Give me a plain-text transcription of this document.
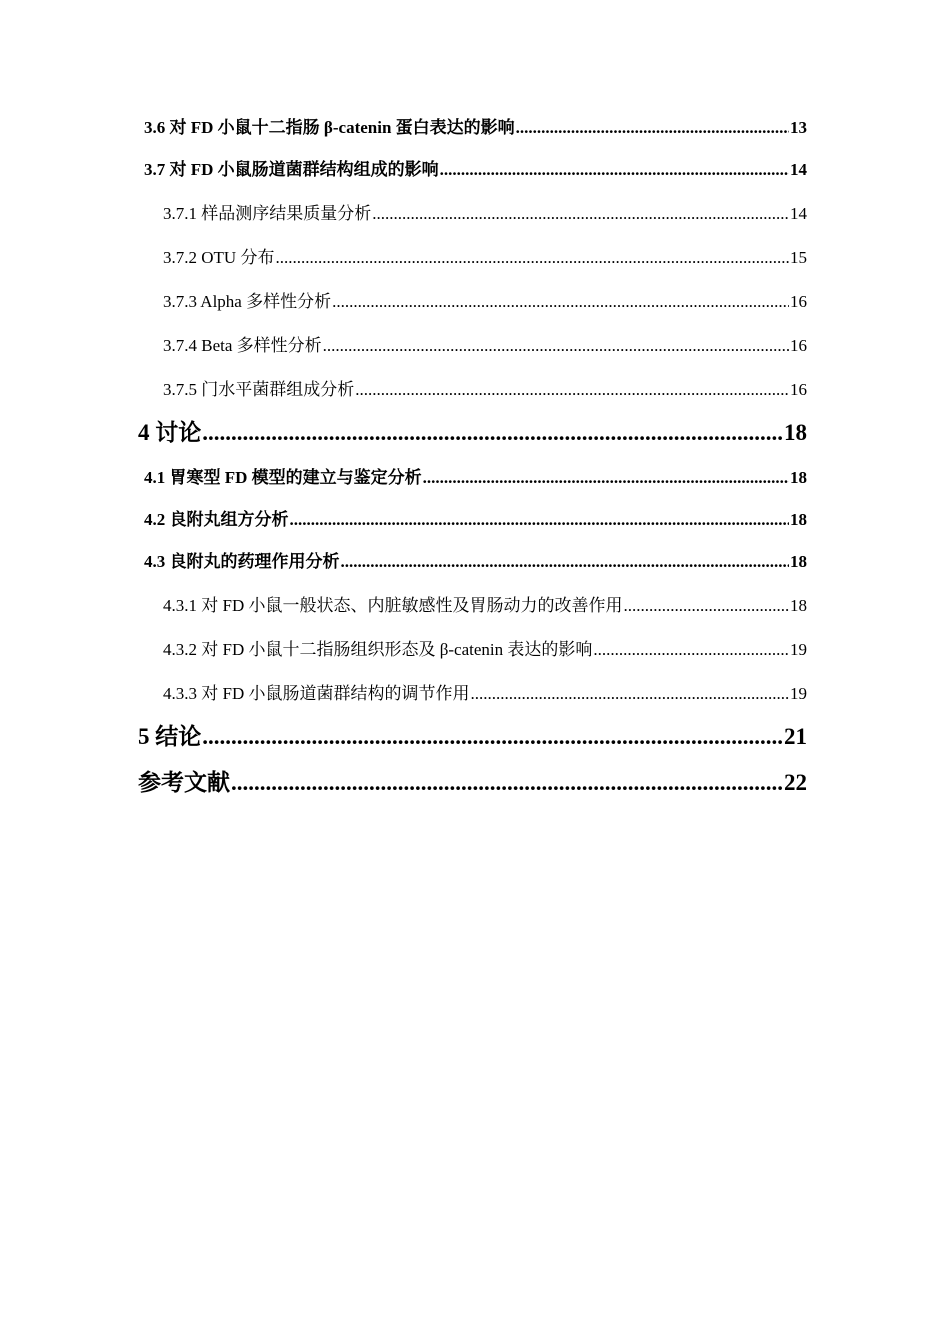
3.6 对 FD 小鼠十二指肠 β-catenin 蛋白表达的影响 .....	13
3.7 对 FD 小鼠肠道菌群结构组成的影响 .....	14
3.7.1 样品测序结果质量分析 .....	14
3.7.2 OTU 分布 .....	15
3.7.3 Alpha 多样性分析 .....	16
3.7.4 Beta 多样性分析 .....	16
3.7.5 门水平菌群组成分析 .....	16
4 讨论 .....	18
4.1 胃寒型 FD 模型的建立与鉴定分析 .....	18
4.2 良附丸组方分析 .....	18
4.3 良附丸的药理作用分析 .....	18
4.3.1 对 FD 小鼠一般状态、内脏敏感性及胃肠动力的改善作用 .....	18
4.3.2 对 FD 小鼠十二指肠组织形态及 β-catenin 表达的影响 .....	19
4.3.3 对 FD 小鼠肠道菌群结构的调节作用 .....	19
5 结论 .....	21
参考文献 .....	22
